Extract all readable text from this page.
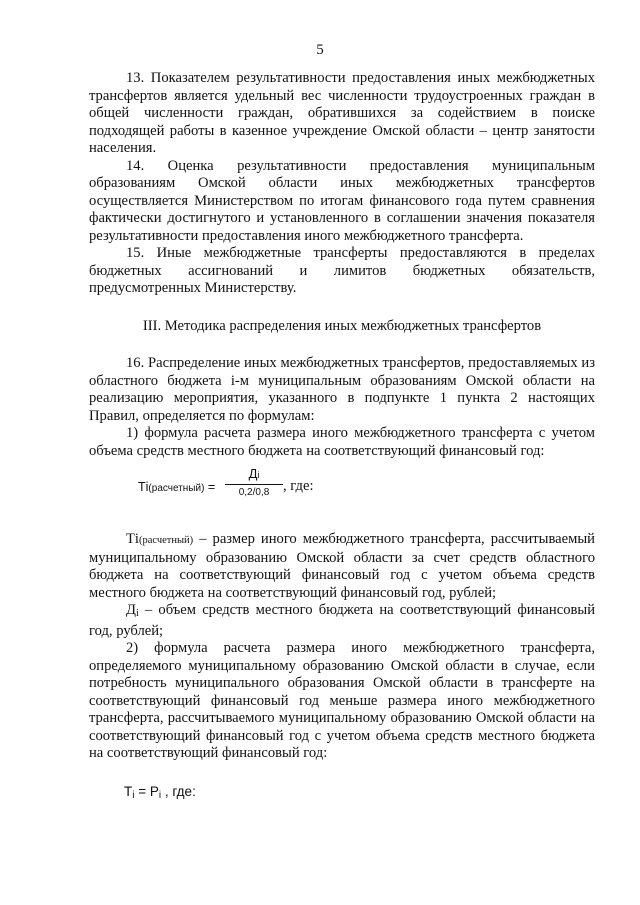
5

13. Показателем результативности предоставления иных межбюджетных трансфертов является удельный вес численности трудоустроенных граждан в общей численности граждан, обратившихся за содействием в поиске подходящей работы в казенное учреждение Омской области – центр занятости населения.

14. Оценка результативности предоставления муниципальным образованиям Омской области иных межбюджетных трансфертов осуществляется Министерством по итогам финансового года путем сравнения фактически достигнутого и установленного в соглашении значения показателя результативности предоставления иного межбюджетного трансферта.

15. Иные межбюджетные трансферты предоставляются в пределах бюджетных ассигнований и лимитов бюджетных обязательств, предусмотренных Министерству.

III. Методика распределения иных межбюджетных трансфертов

16. Распределение иных межбюджетных трансфертов, предоставляемых из областного бюджета i-м муниципальным образованиям Омской области на реализацию мероприятия, указанного в подпункте 1 пункта 2 настоящих Правил, определяется по формулам:

1) формула расчета размера иного межбюджетного трансферта с учетом объема средств местного бюджета на соответствующий финансовый год:

Тi(расчетный) =
Дi
0,2/0,8 , где:

Тi(расчетный) – размер иного межбюджетного трансферта, рассчитываемый муниципальному образованию Омской области за счет средств областного бюджета на соответствующий финансовый год с учетом объема средств местного бюджета на соответствующий финансовый год, рублей;

Дi – объем средств местного бюджета на соответствующий финансовый год, рублей;

2) формула расчета размера иного межбюджетного трансферта, определяемого муниципальному образованию Омской области в случае, если потребность муниципального образования Омской области в трансферте на соответствующий финансовый год меньше размера иного межбюджетного трансферта, рассчитываемого муниципальному образованию Омской области на соответствующий финансовый год с учетом объема средств местного бюджета на соответствующий финансовый год:

Тi = Рi , где:
